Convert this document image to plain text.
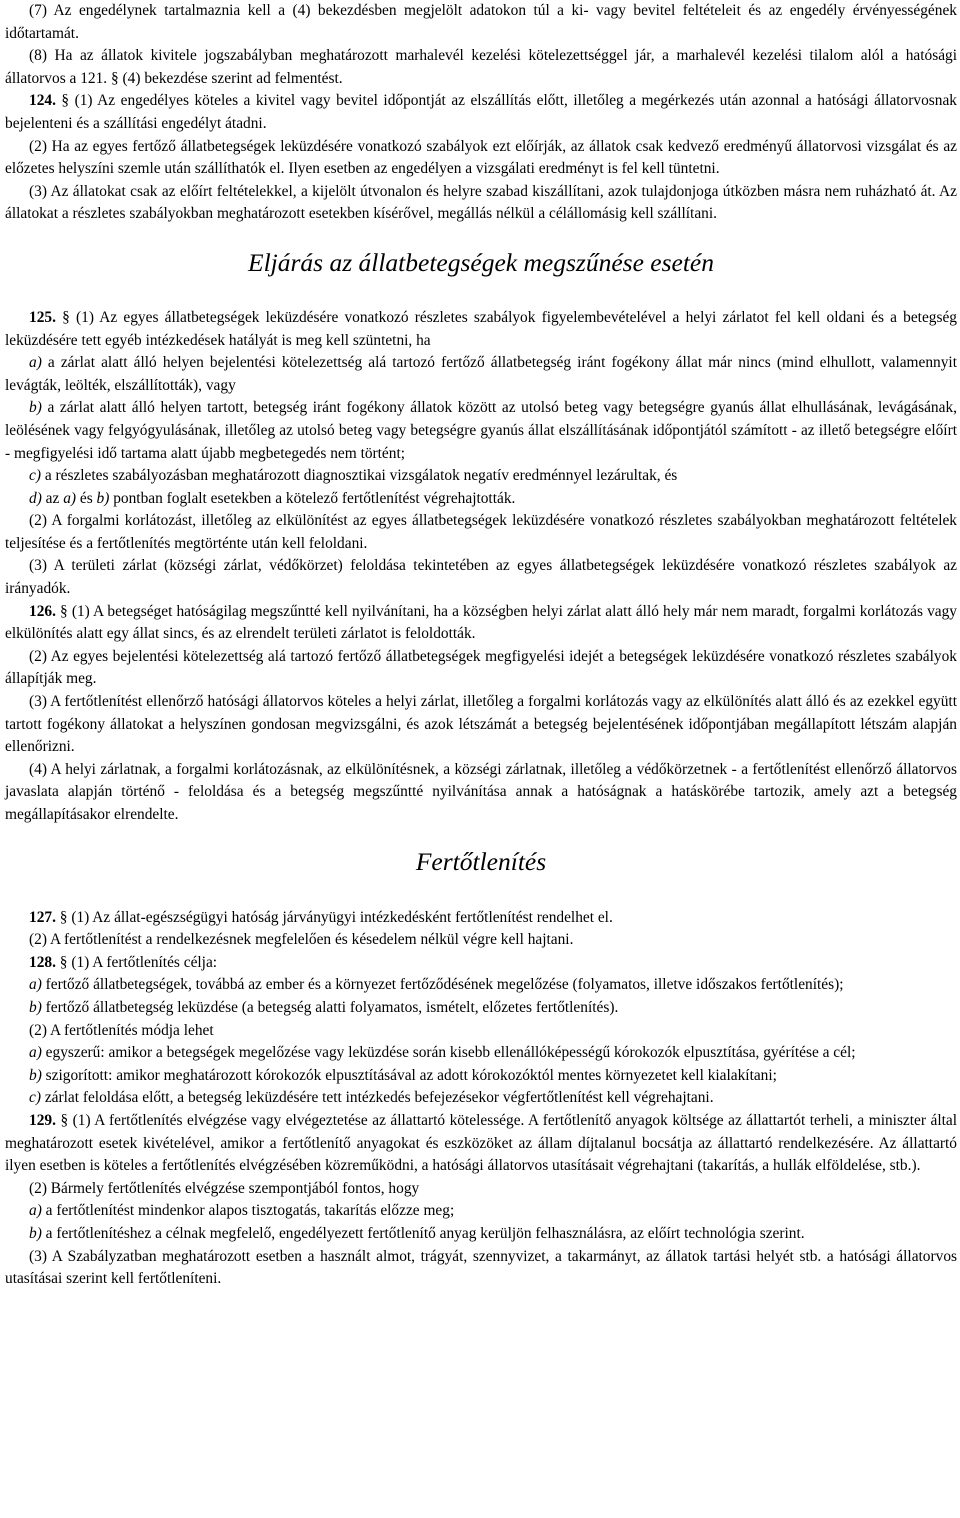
(7) Az engedélynek tartalmaznia kell a (4) bekezdésben megjelölt adatokon túl a ki- vagy bevitel feltételeit és az engedély érvényességének időtartamát.

(8) Ha az állatok kivitele jogszabályban meghatározott marhalevél kezelési kötelezettséggel jár, a marhalevél kezelési tilalom alól a hatósági állatorvos a 121. § (4) bekezdése szerint ad felmentést.

124. § (1) Az engedélyes köteles a kivitel vagy bevitel időpontját az elszállítás előtt, illetőleg a megérkezés után azonnal a hatósági állatorvosnak bejelenteni és a szállítási engedélyt átadni.

(2) Ha az egyes fertőző állatbetegségek leküzdésére vonatkozó szabályok ezt előírják, az állatok csak kedvező eredményű állatorvosi vizsgálat és az előzetes helyszíni szemle után szállíthatók el. Ilyen esetben az engedélyen a vizsgálati eredményt is fel kell tüntetni.

(3) Az állatokat csak az előírt feltételekkel, a kijelölt útvonalon és helyre szabad kiszállítani, azok tulajdonjoga útközben másra nem ruházható át. Az állatokat a részletes szabályokban meghatározott esetekben kísérővel, megállás nélkül a célállomásig kell szállítani.

Eljárás az állatbetegségek megszűnése esetén

125. § (1) Az egyes állatbetegségek leküzdésére vonatkozó részletes szabályok figyelembevételével a helyi zárlatot fel kell oldani és a betegség leküzdésére tett egyéb intézkedések hatályát is meg kell szüntetni, ha

a) a zárlat alatt álló helyen bejelentési kötelezettség alá tartozó fertőző állatbetegség iránt fogékony állat már nincs (mind elhullott, valamennyit levágták, leölték, elszállították), vagy

b) a zárlat alatt álló helyen tartott, betegség iránt fogékony állatok között az utolsó beteg vagy betegségre gyanús állat elhullásának, levágásának, leölésének vagy felgyógyulásának, illetőleg az utolsó beteg vagy betegségre gyanús állat elszállításának időpontjától számított - az illető betegségre előírt - megfigyelési idő tartama alatt újabb megbetegedés nem történt;

c) a részletes szabályozásban meghatározott diagnosztikai vizsgálatok negatív eredménnyel lezárultak, és

d) az a) és b) pontban foglalt esetekben a kötelező fertőtlenítést végrehajtották.

(2) A forgalmi korlátozást, illetőleg az elkülönítést az egyes állatbetegségek leküzdésére vonatkozó részletes szabályokban meghatározott feltételek teljesítése és a fertőtlenítés megtörténte után kell feloldani.

(3) A területi zárlat (községi zárlat, védőkörzet) feloldása tekintetében az egyes állatbetegségek leküzdésére vonatkozó részletes szabályok az irányadók.

126. § (1) A betegséget hatóságilag megszűntté kell nyilvánítani, ha a községben helyi zárlat alatt álló hely már nem maradt, forgalmi korlátozás vagy elkülönítés alatt egy állat sincs, és az elrendelt területi zárlatot is feloldották.

(2) Az egyes bejelentési kötelezettség alá tartozó fertőző állatbetegségek megfigyelési idejét a betegségek leküzdésére vonatkozó részletes szabályok állapítják meg.

(3) A fertőtlenítést ellenőrző hatósági állatorvos köteles a helyi zárlat, illetőleg a forgalmi korlátozás vagy az elkülönítés alatt álló és az ezekkel együtt tartott fogékony állatokat a helyszínen gondosan megvizsgálni, és azok létszámát a betegség bejelentésének időpontjában megállapított létszám alapján ellenőrizni.

(4) A helyi zárlatnak, a forgalmi korlátozásnak, az elkülönítésnek, a községi zárlatnak, illetőleg a védőkörzetnek - a fertőtlenítést ellenőrző állatorvos javaslata alapján történő - feloldása és a betegség megszűntté nyilvánítása annak a hatóságnak a hatáskörébe tartozik, amely azt a betegség megállapításakor elrendelte.

Fertőtlenítés

127. § (1) Az állat-egészségügyi hatóság járványügyi intézkedésként fertőtlenítést rendelhet el.

(2) A fertőtlenítést a rendelkezésnek megfelelően és késedelem nélkül végre kell hajtani.

128. § (1) A fertőtlenítés célja:

a) fertőző állatbetegségek, továbbá az ember és a környezet fertőződésének megelőzése (folyamatos, illetve időszakos fertőtlenítés);

b) fertőző állatbetegség leküzdése (a betegség alatti folyamatos, ismételt, előzetes fertőtlenítés).

(2) A fertőtlenítés módja lehet

a) egyszerű: amikor a betegségek megelőzése vagy leküzdése során kisebb ellenállóképességű kórokozók elpusztítása, gyérítése a cél;

b) szigorított: amikor meghatározott kórokozók elpusztításával az adott kórokozóktól mentes környezetet kell kialakítani;

c) zárlat feloldása előtt, a betegség leküzdésére tett intézkedés befejezésekor végfertőtlenítést kell végrehajtani.

129. § (1) A fertőtlenítés elvégzése vagy elvégeztetése az állattartó kötelessége. A fertőtlenítő anyagok költsége az állattartót terheli, a miniszter által meghatározott esetek kivételével, amikor a fertőtlenítő anyagokat és eszközöket az állam díjtalanul bocsátja az állattartó rendelkezésére. Az állattartó ilyen esetben is köteles a fertőtlenítés elvégzésében közreműködni, a hatósági állatorvos utasításait végrehajtani (takarítás, a hullák elföldelése, stb.).

(2) Bármely fertőtlenítés elvégzése szempontjából fontos, hogy

a) a fertőtlenítést mindenkor alapos tisztogatás, takarítás előzze meg;

b) a fertőtlenítéshez a célnak megfelelő, engedélyezett fertőtlenítő anyag kerüljön felhasználásra, az előírt technológia szerint.

(3) A Szabályzatban meghatározott esetben a használt almot, trágyát, szennyvizet, a takarmányt, az állatok tartási helyét stb. a hatósági állatorvos utasításai szerint kell fertőtleníteni.
